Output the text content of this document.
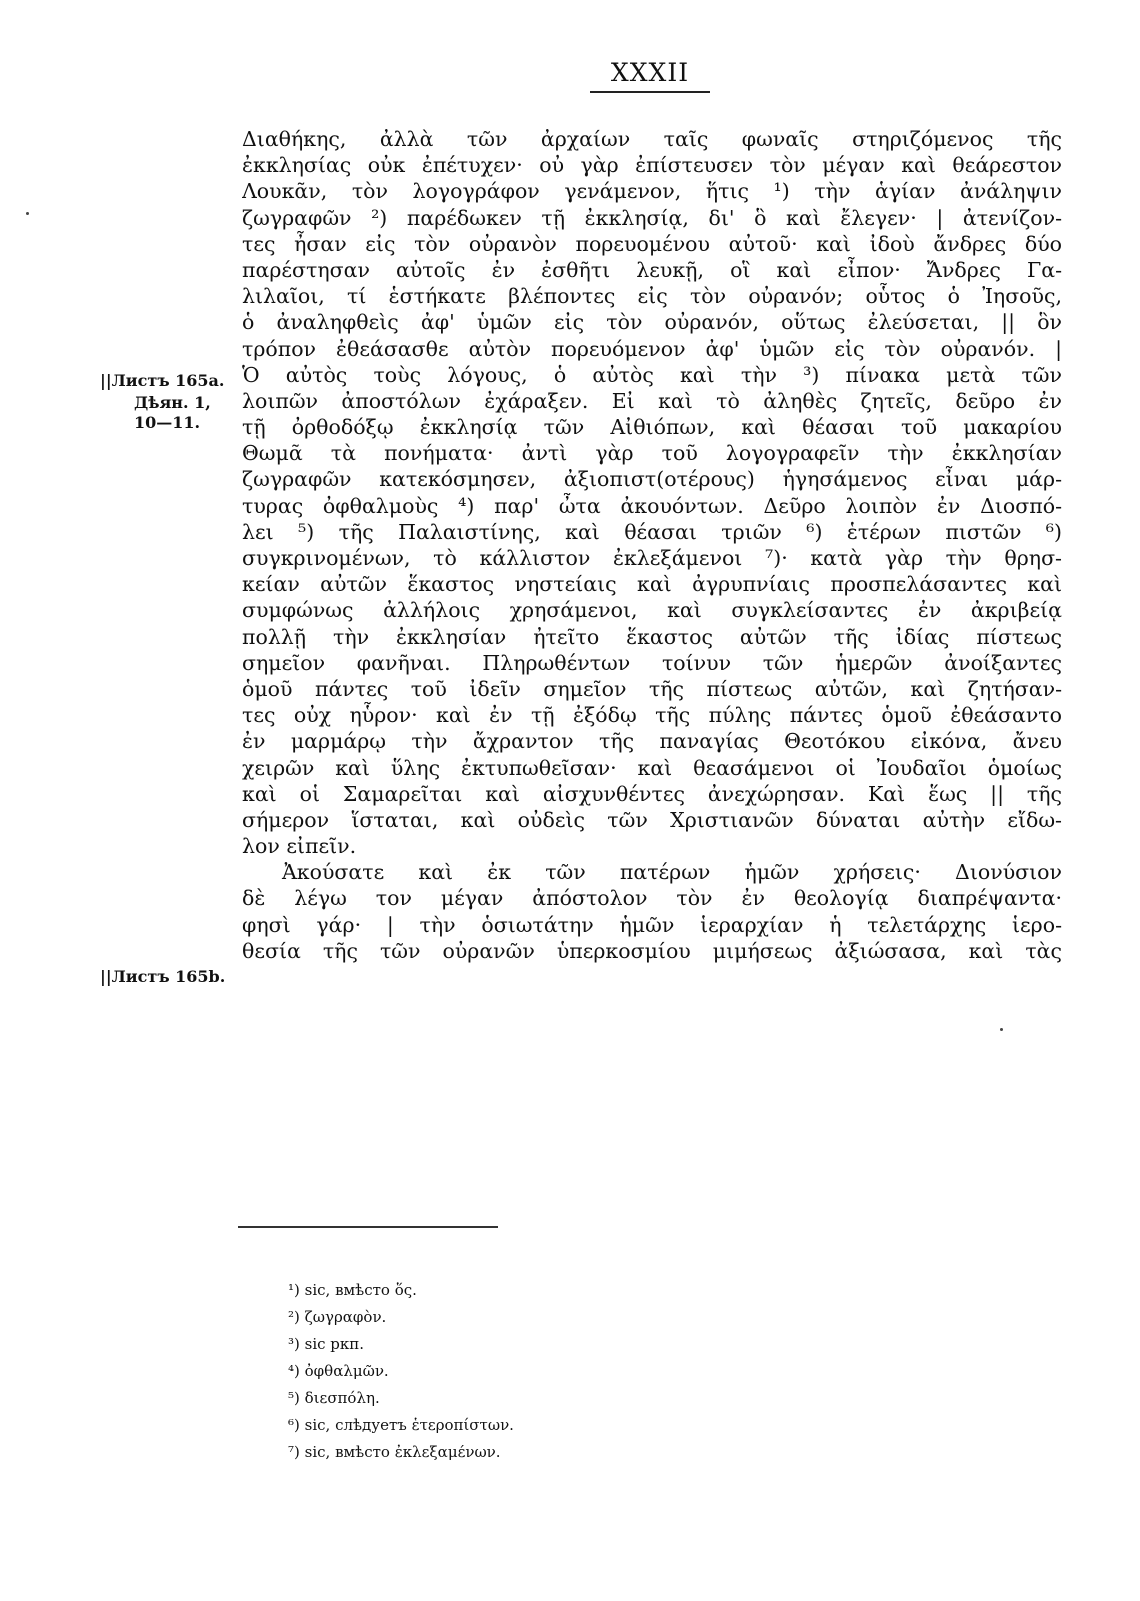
XXXII
||Листъ 165a.
Дѣян. 1,
10—11.
||Листъ 165b.
Διαθήκης, ἀλλὰ τῶν ἀρχαίων ταῖς φωναῖς στηριζόμενος τῆς
ἐκκλησίας οὐκ ἐπέτυχεν· οὐ γὰρ ἐπίστευσεν τὸν μέγαν καὶ θεάρεστον
Λουκᾶν, τὸν λογογράφον γενάμενον, ἥτις ¹) τὴν ἁγίαν ἀνάληψιν
ζωγραφῶν ²) παρέδωκεν τῇ ἐκκλησίᾳ, δι' ὃ καὶ ἔλεγεν· | ἀτενίζον-
τες ἦσαν εἰς τὸν οὐρανὸν πορευομένου αὐτοῦ· καὶ ἰδοὺ ἄνδρες δύο
παρέστησαν αὐτοῖς ἐν ἐσθῆτι λευκῇ, οἳ καὶ εἶπον· Ἄνδρες Γα-
λιλαῖοι, τί ἑστήκατε βλέποντες εἰς τὸν οὐρανόν; οὗτος ὁ Ἰησοῦς,
ὁ ἀναληφθεὶς ἀφ' ὑμῶν εἰς τὸν οὐρανόν, οὕτως ἐλεύσεται, || ὃν
τρόπον ἐθεάσασθε αὐτὸν πορευόμενον ἀφ' ὑμῶν εἰς τὸν οὐρανόν. |
Ὁ αὐτὸς τοὺς λόγους, ὁ αὐτὸς καὶ τὴν ³) πίνακα μετὰ τῶν
λοιπῶν ἀποστόλων ἐχάραξεν. Εἰ καὶ τὸ ἀληθὲς ζητεῖς, δεῦρο ἐν
τῇ ὀρθοδόξῳ ἐκκλησίᾳ τῶν Αἰθιόπων, καὶ θέασαι τοῦ μακαρίου
Θωμᾶ τὰ πονήματα· ἀντὶ γὰρ τοῦ λογογραφεῖν τὴν ἐκκλησίαν
ζωγραφῶν κατεκόσμησεν, ἀξιοπιστ(οτέρους) ἡγησάμενος εἶναι μάρ-
τυρας ὀφθαλμοὺς ⁴) παρ' ὦτα ἀκουόντων. Δεῦρο λοιπὸν ἐν Διοσπό-
λει ⁵) τῆς Παλαιστίνης, καὶ θέασαι τριῶν ⁶) ἑτέρων πιστῶν ⁶)
συγκρινομένων, τὸ κάλλιστον ἐκλεξάμενοι ⁷)· κατὰ γὰρ τὴν θρησ-
κείαν αὐτῶν ἕκαστος νηστείαις καὶ ἀγρυπνίαις προσπελάσαντες καὶ
συμφώνως ἀλλήλοις χρησάμενοι, καὶ συγκλείσαντες ἐν ἀκριβείᾳ
πολλῇ τὴν ἐκκλησίαν ἠτεῖτο ἕκαστος αὐτῶν τῆς ἰδίας πίστεως
σημεῖον φανῆναι. Πληρωθέντων τοίνυν τῶν ἡμερῶν ἀνοίξαντες
ὁμοῦ πάντες τοῦ ἰδεῖν σημεῖον τῆς πίστεως αὐτῶν, καὶ ζητήσαν-
τες οὐχ ηὗρον· καὶ ἐν τῇ ἐξόδῳ τῆς πύλης πάντες ὁμοῦ ἐθεάσαντο
ἐν μαρμάρῳ τὴν ἄχραντον τῆς παναγίας Θεοτόκου εἰκόνα, ἄνευ
χειρῶν καὶ ὕλης ἐκτυπωθεῖσαν· καὶ θεασάμενοι οἱ Ἰουδαῖοι ὁμοίως
καὶ οἱ Σαμαρεῖται καὶ αἰσχυνθέντες ἀνεχώρησαν. Καὶ ἕως || τῆς
σήμερον ἵσταται, καὶ οὐδεὶς τῶν Χριστιανῶν δύναται αὐτὴν εἴδω-
λον εἰπεῖν.
Ἀκούσατε καὶ ἐκ τῶν πατέρων ἡμῶν χρήσεις· Διονύσιον
δὲ λέγω τον μέγαν ἀπόστολον τὸν ἐν θεολογίᾳ διαπρέψαντα·
φησὶ γάρ· | τὴν ὁσιωτάτην ἡμῶν ἱεραρχίαν ἡ τελετάρχης ἱερο-
θεσία τῆς τῶν οὐρανῶν ὑπερκοσμίου μιμήσεως ἀξιώσασα, καὶ τὰς
¹) sic, вмѣсто ὅς.
²) ζωγραφὸν.
³) sic ркп.
⁴) ὀφθαλμῶν.
⁵) διεσπόλη.
⁶) sic, слѣдуетъ ἑτεροπίστων.
⁷) sic, вмѣсто ἐκλεξαμένων.
